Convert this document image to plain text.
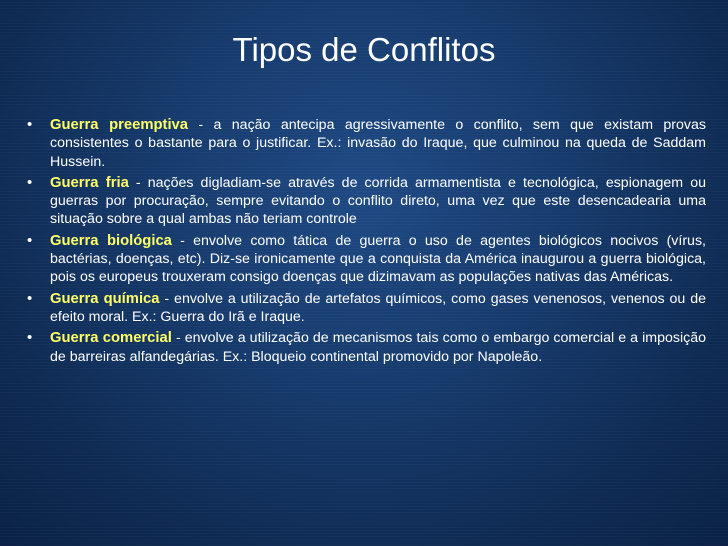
Tipos de Conflitos
• Guerra preemptiva - a nação antecipa agressivamente o conflito, sem que existam provas consistentes o bastante para o justificar. Ex.: invasão do Iraque, que culminou na queda de Saddam Hussein.
• Guerra fria - nações digladiam-se através de corrida armamentista e tecnológica, espionagem ou guerras por procuração, sempre evitando o conflito direto, uma vez que este desencadearia uma situação sobre a qual ambas não teriam controle
• Guerra biológica - envolve como tática de guerra o uso de agentes biológicos nocivos (vírus, bactérias, doenças, etc). Diz-se ironicamente que a conquista da América inaugurou a guerra biológica, pois os europeus trouxeram consigo doenças que dizimavam as populações nativas das Américas.
• Guerra química - envolve a utilização de artefatos químicos, como gases venenosos, venenos ou de efeito moral. Ex.: Guerra do Irã e Iraque.
• Guerra comercial - envolve a utilização de mecanismos tais como o embargo comercial e a imposição de barreiras alfandegárias. Ex.: Bloqueio continental promovido por Napoleão.
